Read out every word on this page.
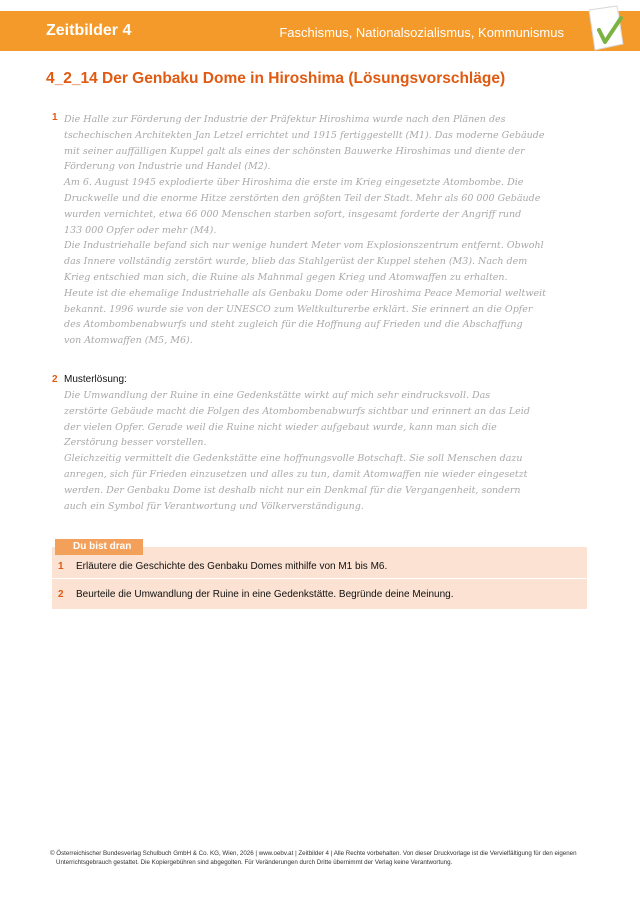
Zeitbilder 4	Faschismus, Nationalsozialismus, Kommunismus
4_2_14 Der Genbaku Dome in Hiroshima (Lösungsvorschläge)
1 Die Halle zur Förderung der Industrie der Präfektur Hiroshima wurde nach den Plänen des
tschechischen Architekten Jan Letzel errichtet und 1915 fertiggestellt (M1). Das moderne Gebäude
mit seiner auffälligen Kuppel galt als eines der schönsten Bauwerke Hiroshimas und diente der
Förderung von Industrie und Handel (M2).
Am 6. August 1945 explodierte über Hiroshima die erste im Krieg eingesetzte Atombombe. Die
Druckwelle und die enorme Hitze zerstörten den größten Teil der Stadt. Mehr als 60 000 Gebäude
wurden vernichtet, etwa 66 000 Menschen starben sofort, insgesamt forderte der Angriff rund
133 000 Opfer oder mehr (M4).
Die Industriehalle befand sich nur wenige hundert Meter vom Explosionszentrum entfernt. Obwohl
das Innere vollständig zerstört wurde, blieb das Stahlgerüst der Kuppel stehen (M3). Nach dem
Krieg entschied man sich, die Ruine als Mahnmal gegen Krieg und Atomwaffen zu erhalten.
Heute ist die ehemalige Industriehalle als Genbaku Dome oder Hiroshima Peace Memorial weltweit
bekannt. 1996 wurde sie von der UNESCO zum Weltkulturerbe erklärt. Sie erinnert an die Opfer
des Atombombenabwurfs und steht zugleich für die Hoffnung auf Frieden und die Abschaffung
von Atomwaffen (M5, M6).
2 Musterlösung:
Die Umwandlung der Ruine in eine Gedenkstätte wirkt auf mich sehr eindrucksvoll. Das
zerstörte Gebäude macht die Folgen des Atombombenabwurfs sichtbar und erinnert an das Leid
der vielen Opfer. Gerade weil die Ruine nicht wieder aufgebaut wurde, kann man sich die
Zerstörung besser vorstellen.
Gleichzeitig vermittelt die Gedenkstätte eine hoffnungsvolle Botschaft. Sie soll Menschen dazu
anregen, sich für Frieden einzusetzen und alles zu tun, damit Atomwaffen nie wieder eingesetzt
werden. Der Genbaku Dome ist deshalb nicht nur ein Denkmal für die Vergangenheit, sondern
auch ein Symbol für Verantwortung und Völkerverständigung.
1 Erläutere die Geschichte des Genbaku Domes mithilfe von M1 bis M6.
2 Beurteile die Umwandlung der Ruine in eine Gedenkstätte. Begründe deine Meinung.
Du bist dran
© Österreichischer Bundesverlag Schulbuch GmbH & Co. KG, Wien, 2026 | www.oebv.at | Zeitbilder 4 | Alle Rechte vorbehalten. Von dieser Druckvorlage ist die Vervielfältigung für den eigenen
Unterrichtsgebrauch gestattet. Die Kopiergebühren sind abgegolten. Für Veränderungen durch Dritte übernimmt der Verlag keine Verantwortung.
